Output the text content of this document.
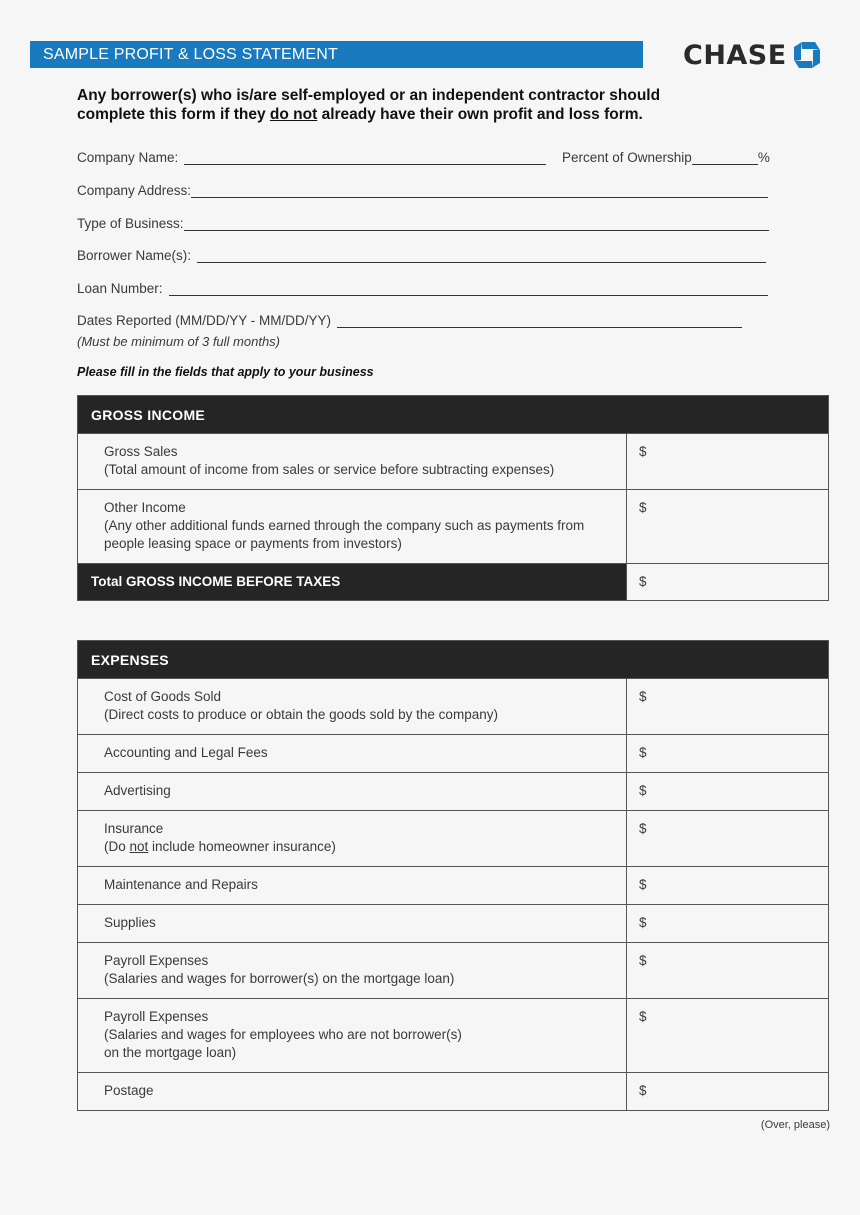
SAMPLE PROFIT & LOSS STATEMENT	CHASE
Any borrower(s) who is/are self-employed or an independent contractor should
complete this form if they do not already have their own profit and loss form.
Company Name:	Percent of Ownership	%
Company Address:
Type of Business:
Borrower Name(s):
Loan Number:
Dates Reported (MM/DD/YY - MM/DD/YY)
(Must be minimum of 3 full months)
Please fill in the fields that apply to your business
GROSS INCOME	

Gross Sales
(Total amount of income from sales or service before subtracting expenses)	$

Other Income
(Any other additional funds earned through the company such as payments from people leasing space or payments from investors)	$
Total GROSS INCOME BEFORE TAXES	$
EXPENSES	

Cost of Goods Sold
(Direct costs to produce or obtain the goods sold by the company)	$

Accounting and Legal Fees	$

Advertising	$

Insurance
(Do not include homeowner insurance)	$

Maintenance and Repairs	$

Supplies	$

Payroll Expenses
(Salaries and wages for borrower(s) on the mortgage loan)	$

Payroll Expenses
(Salaries and wages for employees who are not borrower(s)
on the mortgage loan)	$

Postage	$
(Over, please)
